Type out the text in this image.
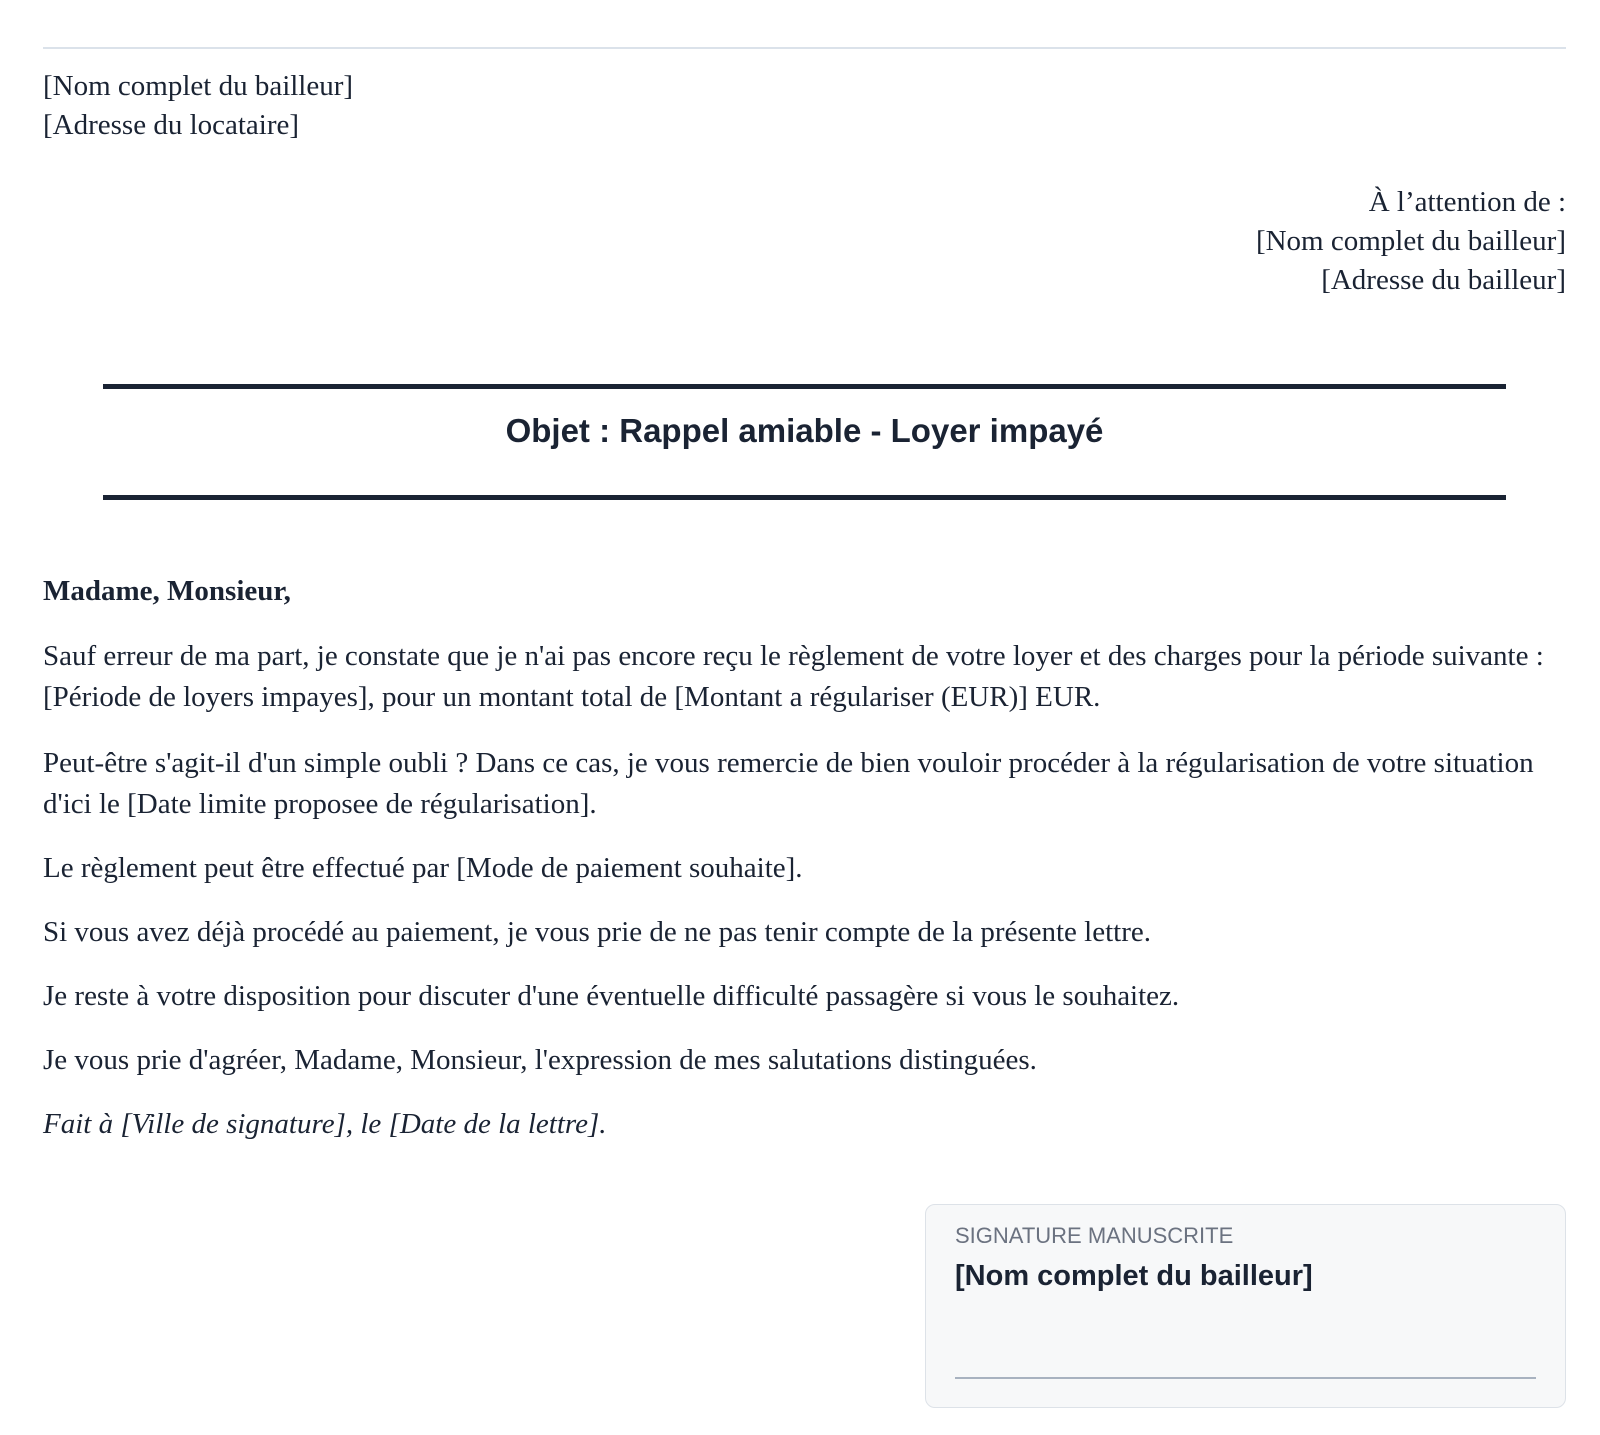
[Nom complet du bailleur]
[Adresse du locataire]
À l’attention de :
[Nom complet du bailleur]
[Adresse du bailleur]
Objet : Rappel amiable - Loyer impayé
Madame, Monsieur,
Sauf erreur de ma part, je constate que je n'ai pas encore reçu le règlement de votre loyer et des charges pour la période suivante : [Période de loyers impayes], pour un montant total de [Montant a régulariser (EUR)] EUR.
Peut-être s'agit-il d'un simple oubli ? Dans ce cas, je vous remercie de bien vouloir procéder à la régularisation de votre situation d'ici le [Date limite proposee de régularisation].
Le règlement peut être effectué par [Mode de paiement souhaite].
Si vous avez déjà procédé au paiement, je vous prie de ne pas tenir compte de la présente lettre.
Je reste à votre disposition pour discuter d'une éventuelle difficulté passagère si vous le souhaitez.
Je vous prie d'agréer, Madame, Monsieur, l'expression de mes salutations distinguées.
Fait à [Ville de signature], le [Date de la lettre].
SIGNATURE MANUSCRITE
[Nom complet du bailleur]
